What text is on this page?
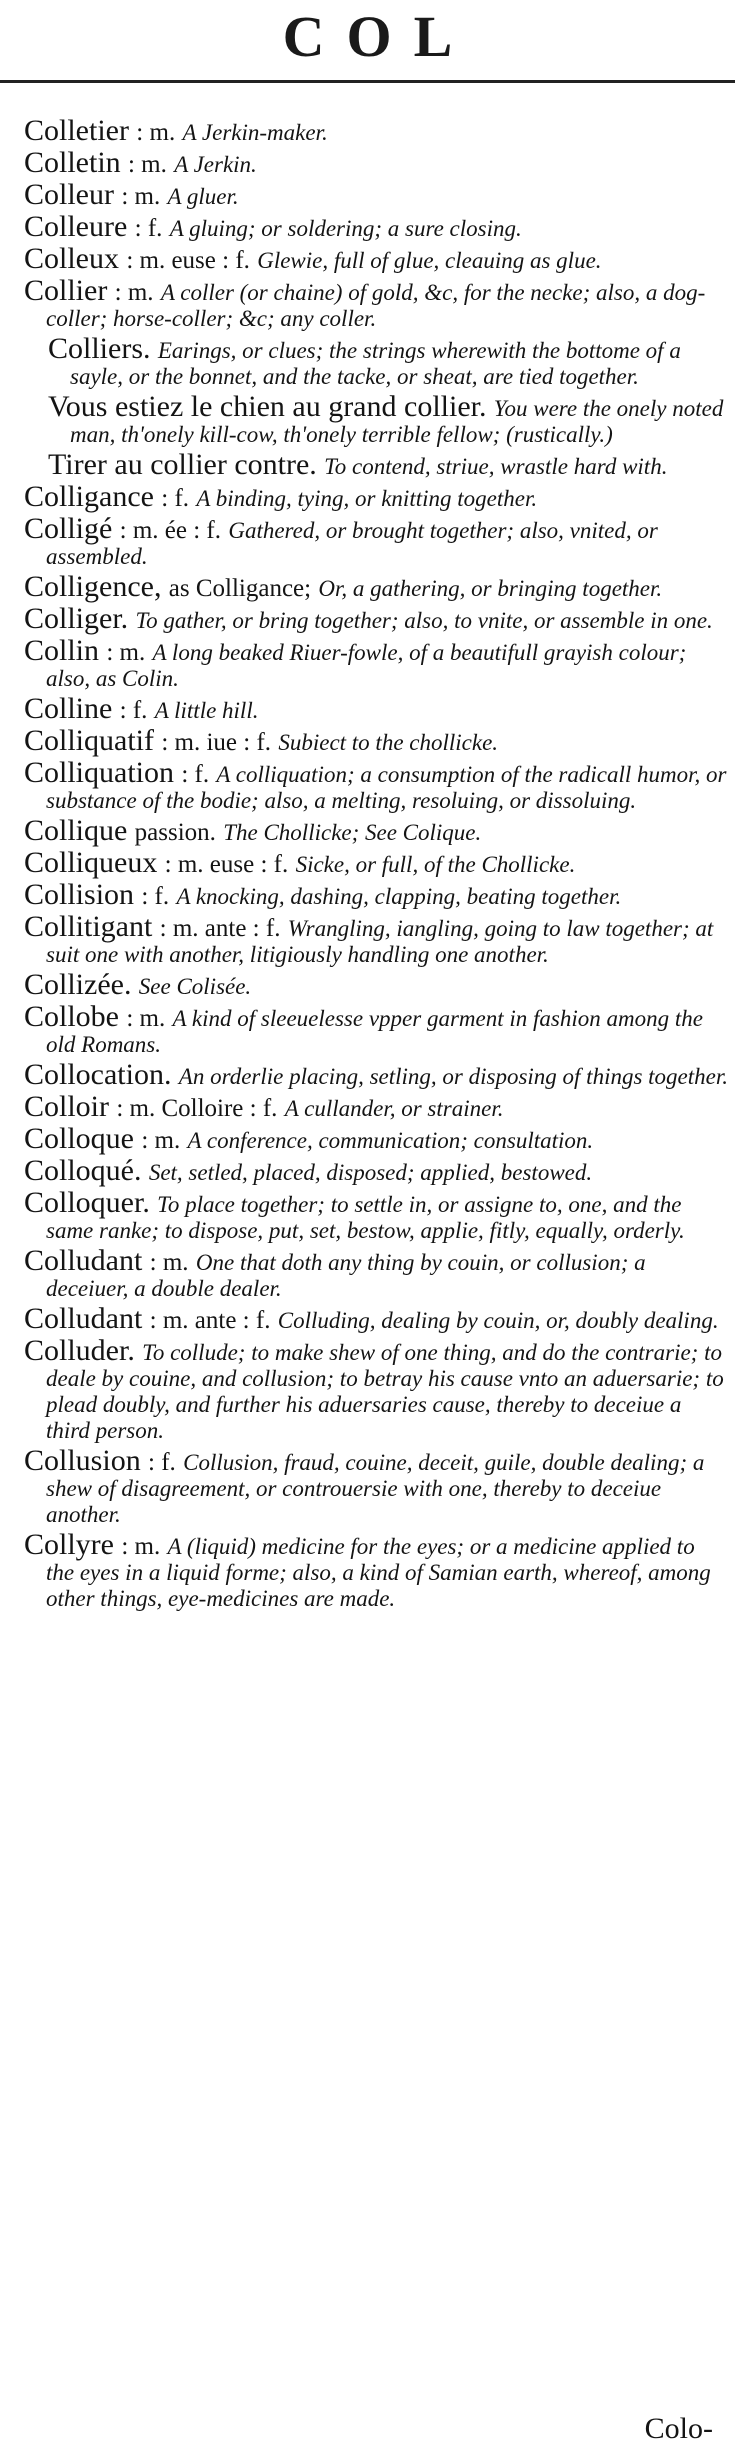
COL
Colletier : m. A Jerkin-maker.
Colletin : m. A Jerkin.
Colleur : m. A gluer.
Colleure : f. A gluing; or soldering; a sure closing.
Colleux : m. euse : f. Glewie, full of glue, cleauing as glue.
Collier : m. A coller (or chaine) of gold, &c, for the necke; also, a dog-coller; horse-coller; &c; any coller.
Colliers. Earings, or clues; the strings wherewith the bottome of a sayle, or the bonnet, and the tacke, or sheat, are tied together.
Vous estiez le chien au grand collier. You were the onely noted man, th'onely kill-cow, th'onely terrible fellow; (rustically.)
Tirer au collier contre. To contend, striue, wrastle hard with.
Colligance : f. A binding, tying, or knitting together.
Colligé : m. ée : f. Gathered, or brought together; also, vnited, or assembled.
Colligence, as Colligance; Or, a gathering, or bringing together.
Colliger. To gather, or bring together; also, to vnite, or assemble in one.
Collin : m. A long beaked Riuer-fowle, of a beautifull grayish colour; also, as Colin.
Colline : f. A little hill.
Colliquatif : m. iue : f. Subiect to the chollicke.
Colliquation : f. A colliquation; a consumption of the radicall humor, or substance of the bodie; also, a melting, resoluing, or dissoluing.
Collique passion. The Chollicke; See Colique.
Colliqueux : m. euse : f. Sicke, or full, of the Chollicke.
Collision : f. A knocking, dashing, clapping, beating together.
Collitigant : m. ante : f. Wrangling, iangling, going to law together; at suit one with another, litigiously handling one another.
Collizée. See Colisée.
Collobe : m. A kind of sleeuelesse vpper garment in fashion among the old Romans.
Collocation. An orderlie placing, setling, or disposing of things together.
Colloir : m. Colloire : f. A cullander, or strainer.
Colloque : m. A conference, communication; consultation.
Colloqué. Set, setled, placed, disposed; applied, bestowed.
Colloquer. To place together; to settle in, or assigne to, one, and the same ranke; to dispose, put, set, bestow, applie, fitly, equally, orderly.
Colludant : m. One that doth any thing by couin, or collusion; a deceiuer, a double dealer.
Colludant : m. ante : f. Colluding, dealing by couin, or, doubly dealing.
Colluder. To collude; to make shew of one thing, and do the contrarie; to deale by couine, and collusion; to betray his cause vnto an aduersarie; to plead doubly, and further his aduersaries cause, thereby to deceiue a third person.
Collusion : f. Collusion, fraud, couine, deceit, guile, double dealing; a shew of disagreement, or controuersie with one, thereby to deceiue another.
Collyre : m. A (liquid) medicine for the eyes; or a medicine applied to the eyes in a liquid forme; also, a kind of Samian earth, whereof, among other things, eye-medicines are made.
Colo-
